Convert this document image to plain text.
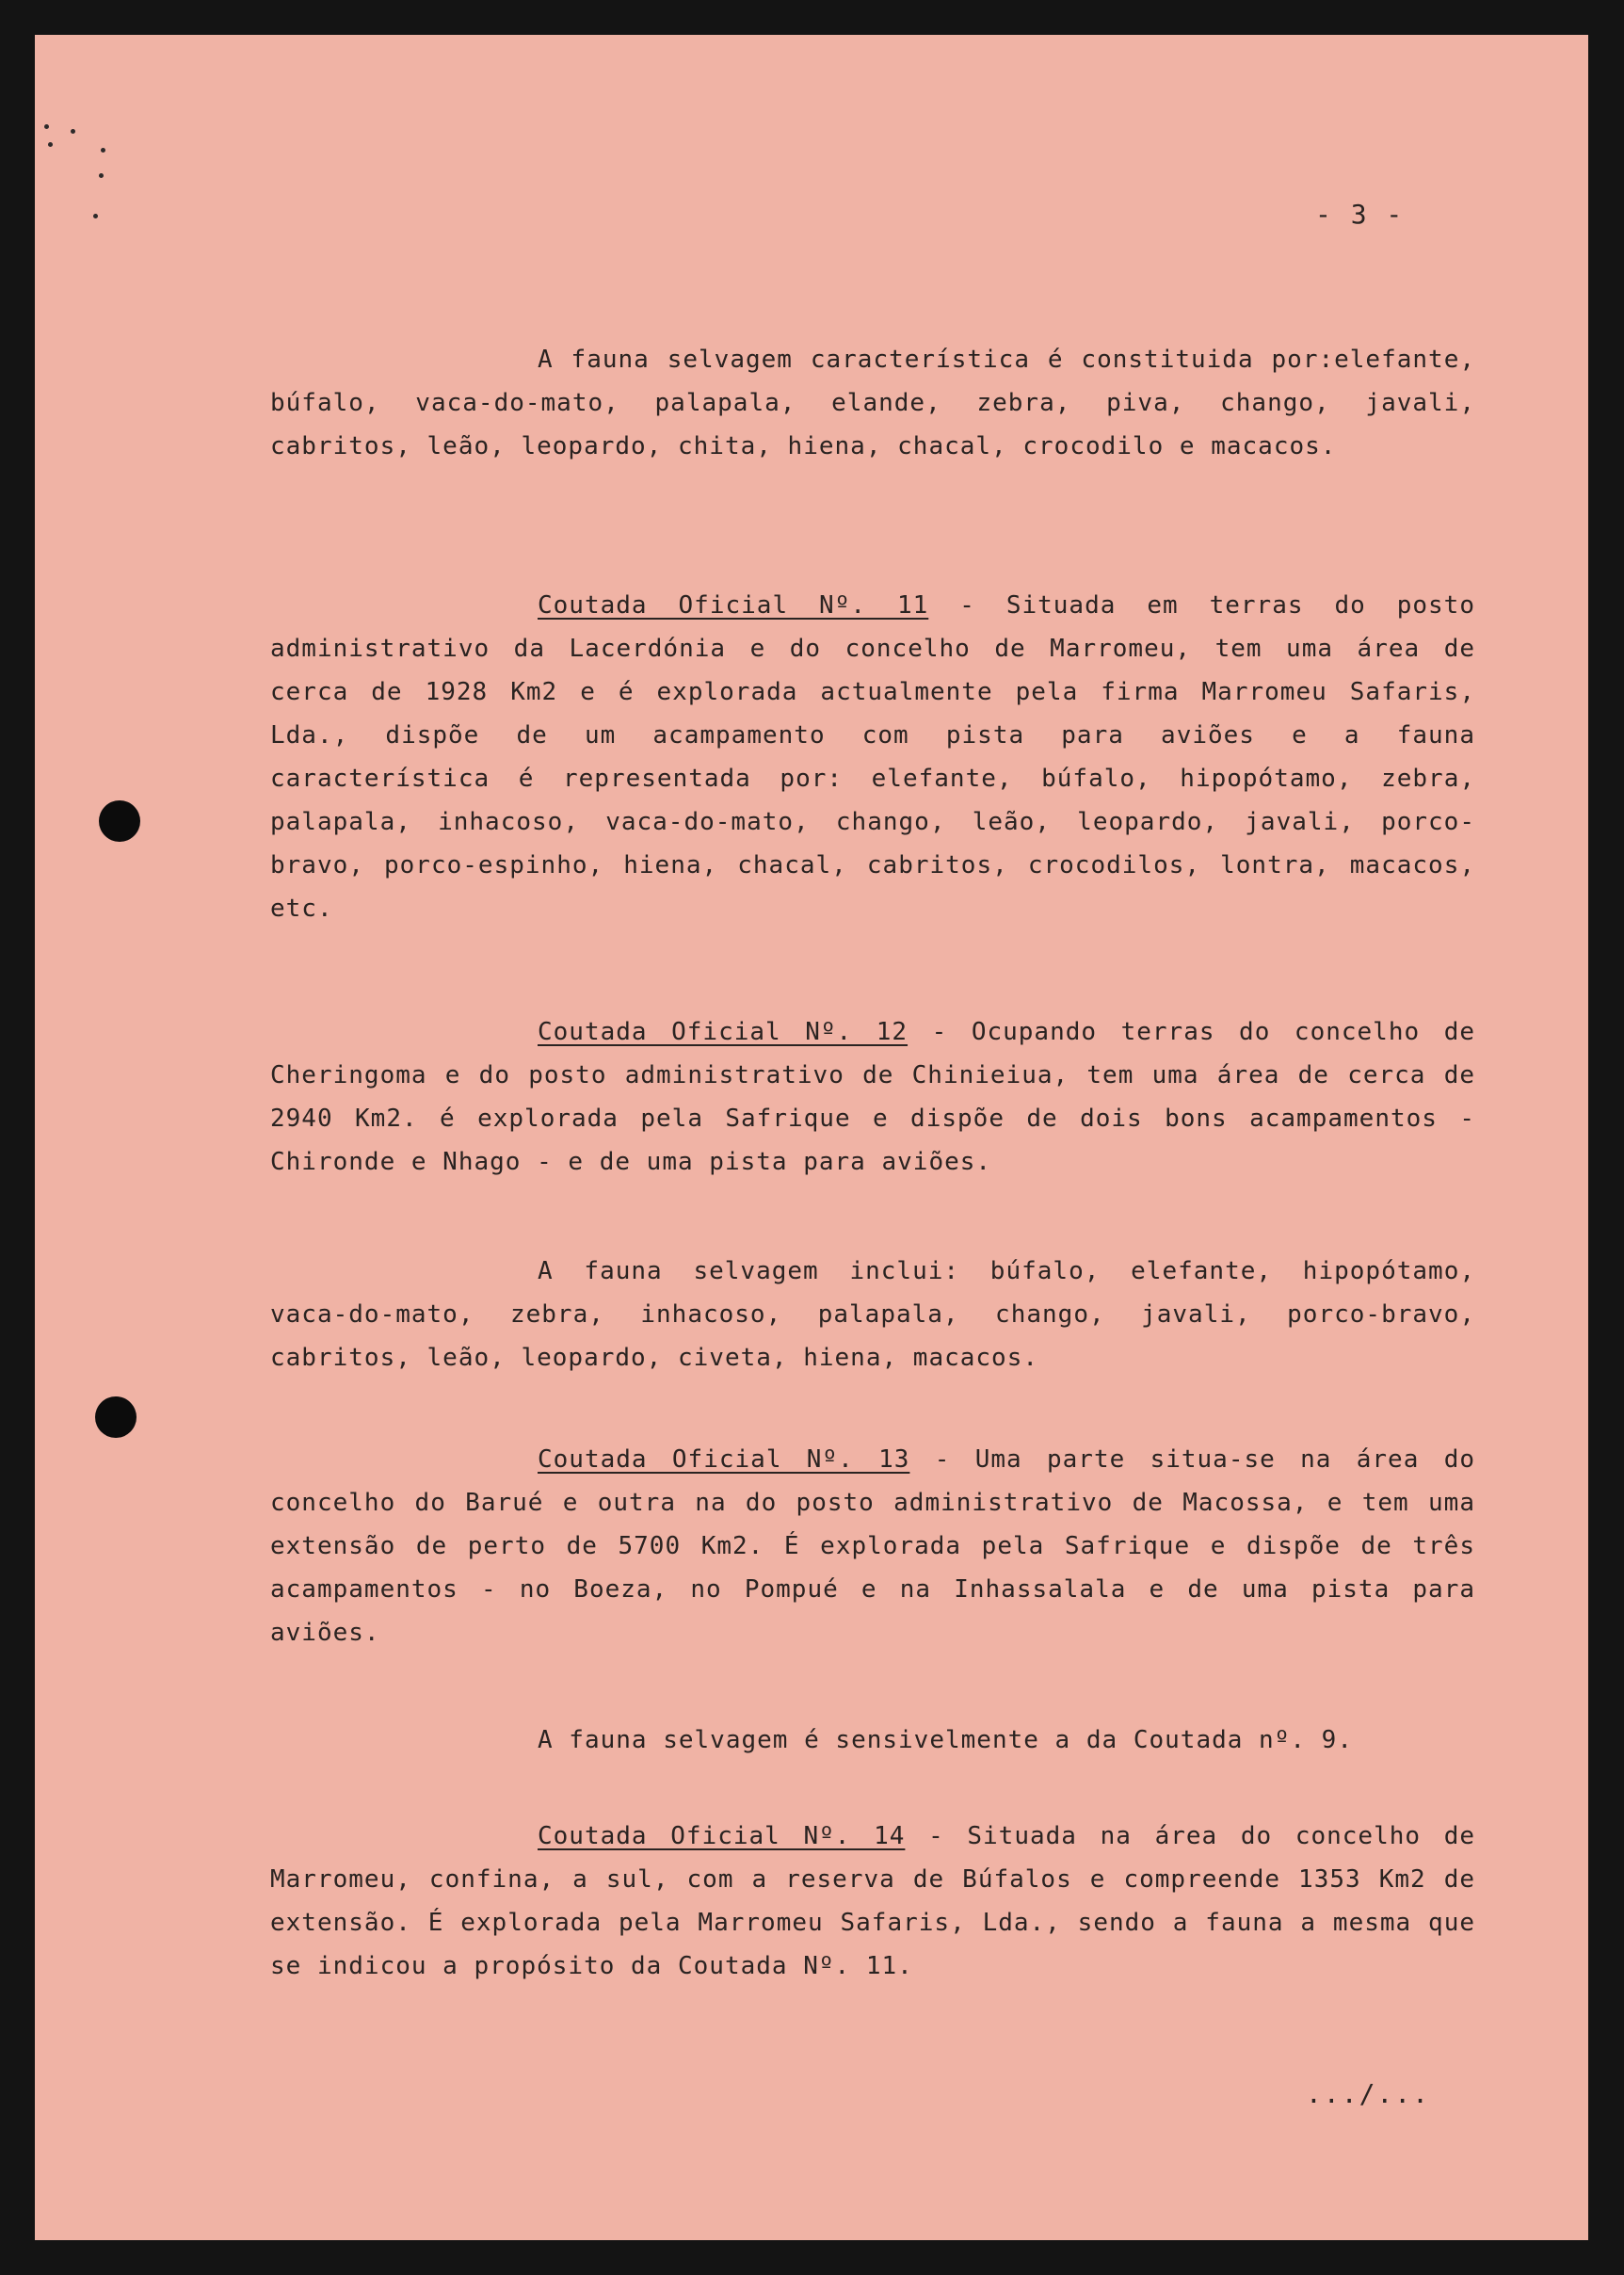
- 3 -

A fauna selvagem característica é constituida por:elefante, búfalo, vaca-do-mato, palapala, elande, zebra, piva, chango, javali, cabritos, leão, leopardo, chita, hiena, chacal, crocodilo e macacos.

Coutada Oficial Nº. 11 - Situada em terras do posto administrativo da Lacerdónia e do concelho de Marromeu, tem uma área de cerca de 1928 Km2 e é explorada actualmente pela firma Marromeu Safaris, Lda., dispõe de um acampamento com pista para aviões e a fauna característica é representada por: elefante, búfalo, hipopótamo, zebra, palapala, inhacoso, vaca-do-mato, chango, leão, leopardo, javali, porco-bravo, porco-espinho, hiena, chacal, cabritos, crocodilos, lontra, macacos, etc.

Coutada Oficial Nº. 12 - Ocupando terras do concelho de Cheringoma e do posto administrativo de Chinieiua, tem uma área de cerca de 2940 Km2. é explorada pela Safrique e dispõe de dois bons acampamentos - Chironde e Nhago - e de uma pista para aviões.

A fauna selvagem inclui: búfalo, elefante, hipopótamo, vaca-do-mato, zebra, inhacoso, palapala, chango, javali, porco-bravo, cabritos, leão, leopardo, civeta, hiena, macacos.

Coutada Oficial Nº. 13 - Uma parte situa-se na área do concelho do Barué e outra na do posto administrativo de Macossa, e tem uma extensão de perto de 5700 Km2. É explorada pela Safrique e dispõe de três acampamentos - no Boeza, no Pompué e na Inhassalala e de uma pista para aviões.

A fauna selvagem é sensivelmente a da Coutada nº. 9.

Coutada Oficial Nº. 14 - Situada na área do concelho de Marromeu, confina, a sul, com a reserva de Búfalos e compreende 1353 Km2 de extensão. É explorada pela Marromeu Safaris, Lda., sendo a fauna a mesma que se indicou a propósito da Coutada Nº. 11.

.../...
